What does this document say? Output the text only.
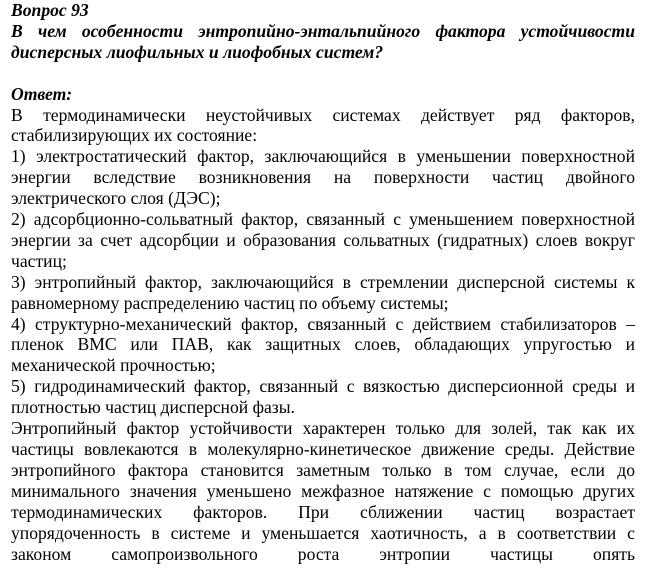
Вопрос 93

В чем особенности энтропийно-энтальпийного фактора устойчивости дисперсных лиофильных и лиофобных систем?

Ответ:

В термодинамически неустойчивых системах действует ряд факторов, стабилизирующих их состояние:

1) электростатический фактор, заключающийся в уменьшении поверхностной энергии вследствие возникновения на поверхности частиц двойного электрического слоя (ДЭС);

2) адсорбционно-сольватный фактор, связанный с уменьшением поверхностной энергии за счет адсорбции и образования сольватных (гидратных) слоев вокруг частиц;

3) энтропийный фактор, заключающийся в стремлении дисперсной системы к равномерному распределению частиц по объему системы;

4) структурно-механический фактор, связанный с действием стабилизаторов – пленок ВМС или ПАВ, как защитных слоев, обладающих упругостью и механической прочностью;

5) гидродинамический фактор, связанный с вязкостью дисперсионной среды и плотностью частиц дисперсной фазы.

Энтропийный фактор устойчивости характерен только для золей, так как их частицы вовлекаются в молекулярно-кинетическое движение среды. Действие энтропийного фактора становится заметным только в том случае, если до минимального значения уменьшено межфазное натяжение с помощью других термодинамических факторов. При сближении частиц возрастает упорядоченность в системе и уменьшается хаотичность, а в соответствии с законом самопроизвольного роста энтропии частицы опять
